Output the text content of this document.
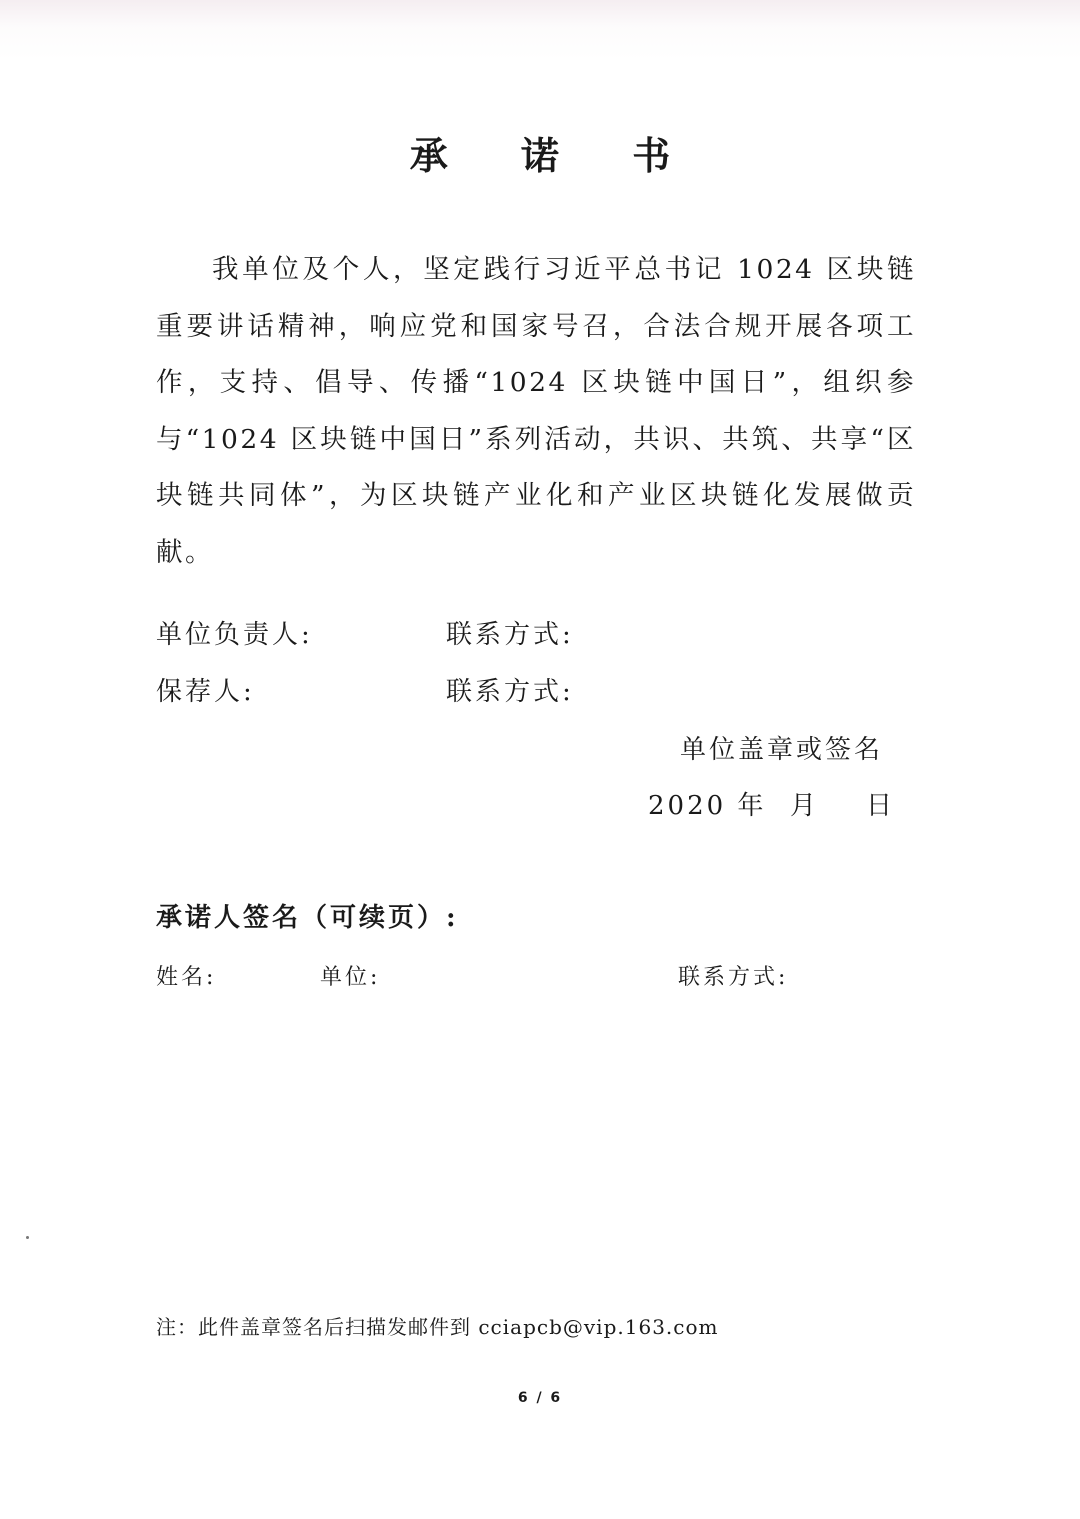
承 诺 书

我单位及个人，坚定践行习近平总书记 1024 区块链重要讲话精神，响应党和国家号召，合法合规开展各项工作，支持、倡导、传播“1024 区块链中国日”，组织参与“1024 区块链中国日”系列活动，共识、共筑、共享“区块链共同体”，为区块链产业化和产业区块链化发展做贡献。

单位负责人:	联系方式:
保荐人:	联系方式:
单位盖章或签名
2020 年 月 日
承诺人签名（可续页）:
姓名:	单位:	联系方式:
注：此件盖章签名后扫描发邮件到 cciapcb@vip.163.com
6 / 6
